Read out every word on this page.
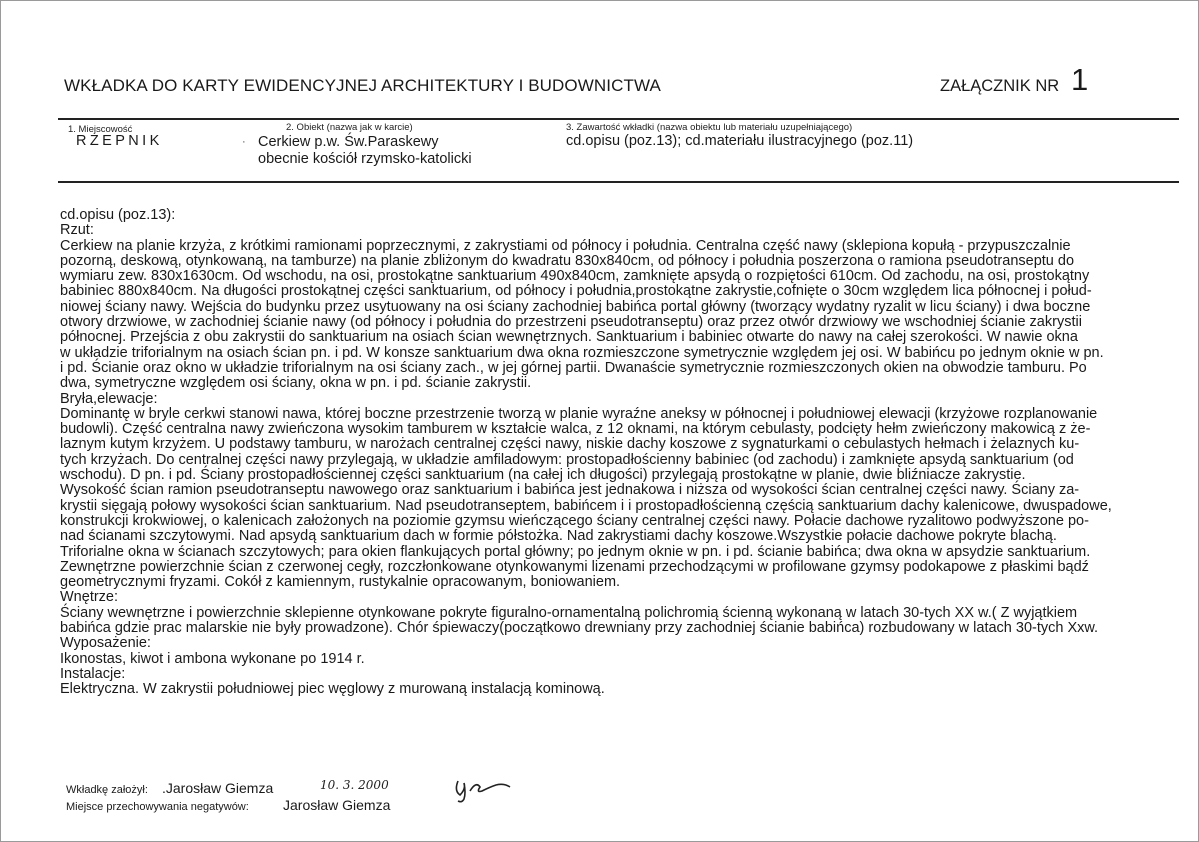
WKŁADKA DO KARTY EWIDENCYJNEJ ARCHITEKTURY I BUDOWNICTWA	ZAŁĄCZNIK NR 1
1. Miejscowość
RZEPNIK
2. Obiekt (nazwa jak w karcie)
· Cerkiew p.w. Św.Paraskewy
obecnie kościół rzymsko-katolicki
3. Zawartość wkładki (nazwa obiektu lub materiału uzupełniającego)
cd.opisu (poz.13); cd.materiału ilustracyjnego (poz.11)
cd.opisu (poz.13):
Rzut:
Cerkiew na planie krzyża, z krótkimi ramionami poprzecznymi, z zakrystiami od północy i południa. Centralna część nawy (sklepiona kopułą - przypuszczalnie
pozorną, deskową, otynkowaną, na tamburze) na planie zbliżonym do kwadratu 830x840cm, od północy i południa poszerzona o ramiona pseudotranseptu do
wymiaru zew. 830x1630cm. Od wschodu, na osi, prostokątne sanktuarium 490x840cm, zamknięte apsydą o rozpiętości 610cm. Od zachodu, na osi, prostokątny
babiniec 880x840cm. Na długości prostokątnej części sanktuarium, od północy i południa,prostokątne zakrystie,cofnięte o 30cm względem lica północnej i połud-
niowej ściany nawy. Wejścia do budynku przez usytuowany na osi ściany zachodniej babińca portal główny (tworzący wydatny ryzalit w licu ściany) i dwa boczne
otwory drzwiowe, w zachodniej ścianie nawy (od północy i południa do przestrzeni pseudotranseptu) oraz przez otwór drzwiowy we wschodniej ścianie zakrystii
północnej. Przejścia z obu zakrystii do sanktuarium na osiach ścian wewnętrznych. Sanktuarium i babiniec otwarte do nawy na całej szerokości. W nawie okna
w układzie triforialnym na osiach ścian pn. i pd. W konsze sanktuarium dwa okna rozmieszczone symetrycznie względem jej osi. W babińcu po jednym oknie w pn.
i pd. Ścianie oraz okno w układzie triforialnym na osi ściany zach., w jej górnej partii. Dwanaście symetrycznie rozmieszczonych okien na obwodzie tamburu. Po
dwa, symetryczne względem osi ściany, okna w pn. i pd. ścianie zakrystii.
Bryła,elewacje:
Dominantę w bryle cerkwi stanowi nawa, której boczne przestrzenie tworzą w planie wyraźne aneksy w północnej i południowej elewacji (krzyżowe rozplanowanie
budowli). Część centralna nawy zwieńczona wysokim tamburem w kształcie walca, z 12 oknami, na którym cebulasty, podcięty hełm zwieńczony makowicą z że-
laznym kutym krzyżem. U podstawy tamburu, w narożach centralnej części nawy, niskie dachy koszowe z sygnaturkami o cebulastych hełmach i żelaznych ku-
tych krzyżach. Do centralnej części nawy przylegają, w układzie amfiladowym: prostopadłościenny babiniec (od zachodu) i zamknięte apsydą sanktuarium (od
wschodu). D pn. i pd. Ściany prostopadłościennej części sanktuarium (na całej ich długości) przylegają prostokątne w planie, dwie bliźniacze zakrystie.
Wysokość ścian ramion pseudotranseptu nawowego oraz sanktuarium i babińca jest jednakowa i niższa od wysokości ścian centralnej części nawy. Ściany za-
krystii sięgają połowy wysokości ścian sanktuarium. Nad pseudotranseptem, babińcem i i prostopadłościenną częścią sanktuarium dachy kalenicowe, dwuspadowe,
konstrukcji krokwiowej, o kalenicach założonych na poziomie gzymsu wieńczącego ściany centralnej części nawy. Połacie dachowe ryzalitowo podwyższone po-
nad ścianami szczytowymi. Nad apsydą sanktuarium dach w formie półstożka. Nad zakrystiami dachy koszowe.Wszystkie połacie dachowe pokryte blachą.
Triforialne okna w ścianach szczytowych; para okien flankujących portal główny; po jednym oknie w pn. i pd. ścianie babińca; dwa okna w apsydzie sanktuarium.
Zewnętrzne powierzchnie ścian z czerwonej cegły, rozczłonkowane otynkowanymi lizenami przechodzącymi w profilowane gzymsy podokapowe z płaskimi bądź
geometrycznymi fryzami. Cokół z kamiennym, rustykalnie opracowanym, boniowaniem.
Wnętrze:
Ściany wewnętrzne i powierzchnie sklepienne otynkowane pokryte figuralno-ornamentalną polichromią ścienną wykonaną w latach 30-tych XX w.( Z wyjątkiem
babińca gdzie prac malarskie nie były prowadzone). Chór śpiewaczy(początkowo drewniany przy zachodniej ścianie babińca) rozbudowany w latach 30-tych Xxw.
Wyposażenie:
Ikonostas, kiwot i ambona wykonane po 1914 r.
Instalacje:
Elektryczna. W zakrystii południowej piec węglowy z murowaną instalacją kominową.
Wkładkę założył: .Jarosław Giemza
Miejsce przechowywania negatywów: Jarosław Giemza
10. 3. 2000
